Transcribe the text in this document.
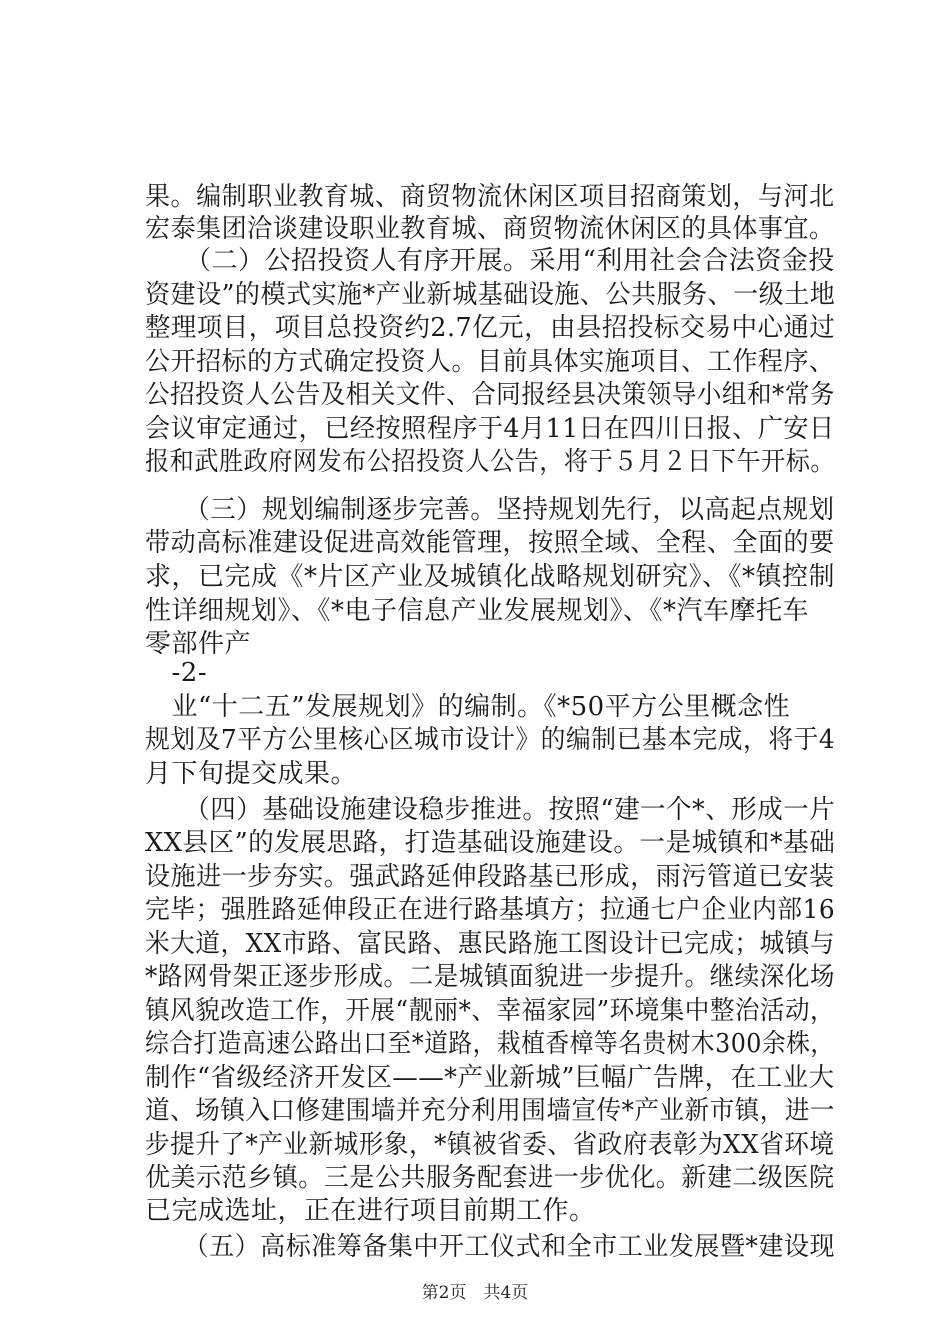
果。编制职业教育城、商贸物流休闲区项目招商策划，与河北
宏泰集团洽谈建设职业教育城、商贸物流休闲区的具体事宜。
　　（二）公招投资人有序开展。采用“利用社会合法资金投
资建设”的模式实施*产业新城基础设施、公共服务、一级土地
整理项目，项目总投资约2.7亿元，由县招投标交易中心通过
公开招标的方式确定投资人。目前具体实施项目、工作程序、
公招投资人公告及相关文件、合同报经县决策领导小组和*常务
会议审定通过，已经按照程序于4月11日在四川日报、广安日
报和武胜政府网发布公招投资人公告，将于５月２日下午开标。
　　（三）规划编制逐步完善。坚持规划先行，以高起点规划
带动高标准建设促进高效能管理，按照全域、全程、全面的要
求，已完成《*片区产业及城镇化战略规划研究》、《*镇控制
性详细规划》、《*电子信息产业发展规划》、《*汽车摩托车
零部件产
　-2-
　业“十二五”发展规划》的编制。《*50平方公里概念性
规划及7平方公里核心区城市设计》的编制已基本完成，将于4
月下旬提交成果。
　　（四）基础设施建设稳步推进。按照“建一个*、形成一片
XX县区”的发展思路，打造基础设施建设。一是城镇和*基础
设施进一步夯实。强武路延伸段路基已形成，雨污管道已安装
完毕；强胜路延伸段正在进行路基填方；拉通七户企业内部16
米大道，XX市路、富民路、惠民路施工图设计已完成；城镇与
*路网骨架正逐步形成。二是城镇面貌进一步提升。继续深化场
镇风貌改造工作，开展“靓丽*、幸福家园”环境集中整治活动，
综合打造高速公路出口至*道路，栽植香樟等名贵树木300余株，
制作“省级经济开发区——*产业新城”巨幅广告牌，在工业大
道、场镇入口修建围墙并充分利用围墙宣传*产业新市镇，进一
步提升了*产业新城形象，*镇被省委、省政府表彰为XX省环境
优美示范乡镇。三是公共服务配套进一步优化。新建二级医院
已完成选址，正在进行项目前期工作。
　　（五）高标准筹备集中开工仪式和全市工业发展暨*建设现
第2页　共4页
